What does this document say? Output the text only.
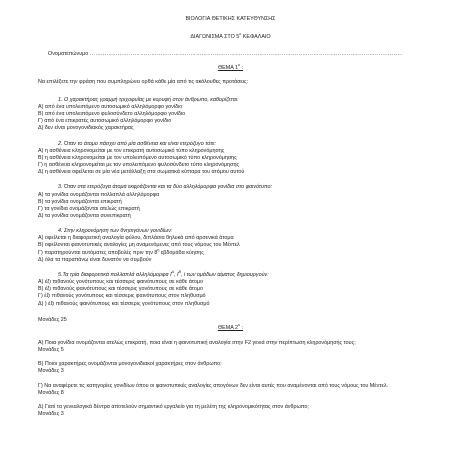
ΒΙΟΛΟΓΙΑ ΘΕΤΙΚΗΣ ΚΑΤΕΥΘΥΝΣΗΣ
ΔΙΑΓΩΝΙΣΜΑ ΣΤΟ $5^o$ ΚΕΦΑΛΑΙΟ
Ονοματεπώνυμο ……………………………………………………………………………………………………………………………………………………
ΘΕΜΑ $1^o$ :
Να επιλέξετε την φράση που συμπληρώνει ορθά κάθε μία από τις ακόλουθες προτάσεις:
1. Ο χαρακτήρας γραμμή τριχοφυΐας με κορυφή στον άνθρωπο, καθορίζεται:
Α) από ένα υπολειπόμενο αυτοσωμικό αλληλόμορφο γονίδιο
Β) από ένα υπολειπόμενο φυλοσύνδετο αλληλόμορφο γονίδιο
Γ) από ένα επικρατές αυτοσωμικό αλληλόμορφο γονίδιο
Δ) δεν είναι μονογονιδιακός χαρακτήρας
2. Όταν το άτομο πάσχει από μία ασθένεια και είναι ετερόζυγο τότε:
Α) η ασθένεια κληρονομείται με τον επικρατή αυτοσωμικό τύπο κληρονόμησης
Β) η ασθένεια κληρονομείται με τον υπολειπόμενο αυτοσωμικό τύπο κληρονόμησης
Γ) η ασθένεια κληρονομείται με τον υπολειπόμενο φυλοσύνδετο τύπο κληρονόμησης
Δ) η ασθένεια οφείλεται σε μία νέα μετάλλαξη στα σωματικά κύτταρα του ατόμου αυτού
3. Όταν στα ετερόζυγα άτομα εκφράζονται και τα δύο αλληλόμορφα γονίδια στο φαινότυπο:
Α) τα γονίδια ονομάζονται πολλαπλά αλληλόμορφα
Β) τα γονίδια ονομάζονται επικρατή
Γ) τα γονίδια ονομάζονται ατελώς επικρατή
Δ) τα γονίδια ονομάζονται συνεπικρατή
4. Στην κληρονόμηση των θνησιγόνων γονιδίων:
Α) οφείλεται η διαφορετική αναλογία φύλου, διπλάσια θηλυκά από αρσενικά άτομα
Β) οφείλονται φαινοτυπικές αναλογίες μη αναμενόμενες από τους νόμους του Μέντελ
Γ) παρατηρούνται αυτόματες αποβολές πριν την $8^\eta$ εβδομάδα κύησης
Δ) όλα τα παραπάνω είναι δυνατόν να συμβούν
5.Τα τρία διαφορετικά πολλαπλά αλληλόμορφα $I^A$, $I^B$, i των ομάδων αίματος δημιουργούν:
Α) έξι πιθανούς γονότυπους και τέσσερις φαινότυπους σε κάθε άτομο
Β) έξι πιθανούς φαινότυπους και τέσσερις γονότυπους σε κάθε άτομο
Γ) έξι πιθανούς γονότυπους και τέσσερις φαινότυπους στον πληθυσμό
Δ) ) έξι πιθανούς φαινότυπους και τέσσερις γονότυπους στον πληθυσμό
Μονάδες 25
ΘΕΜΑ $2^o$ :
Α) Ποια γονίδια ονομάζονται ατελώς επικρατή, ποια είναι η φαινοτυπική αναλογία στην F2 γενιά στην περίπτωση κληρονόμησής τους;
Μονάδες 5
Β) Ποιοι χαρακτήρες ονομάζονται μονογονιδιακοί χαρακτήρες στον άνθρωπο;
Μονάδες 3
Γ) Να αναφέρετε τις κατηγορίες γονιδίων όπου οι φαινοτυπικές αναλογίες απογόνων δεν είναι αυτές που αναμένονται από τους νόμους του Μέντελ.
Μονάδες 8
Δ) Γιατί τα γενεαλογικά δέντρα αποτελούν σημαντικό εργαλείο για τη μελέτη της κληρονομικότητας στον άνθρωπο;
Μονάδες 3
